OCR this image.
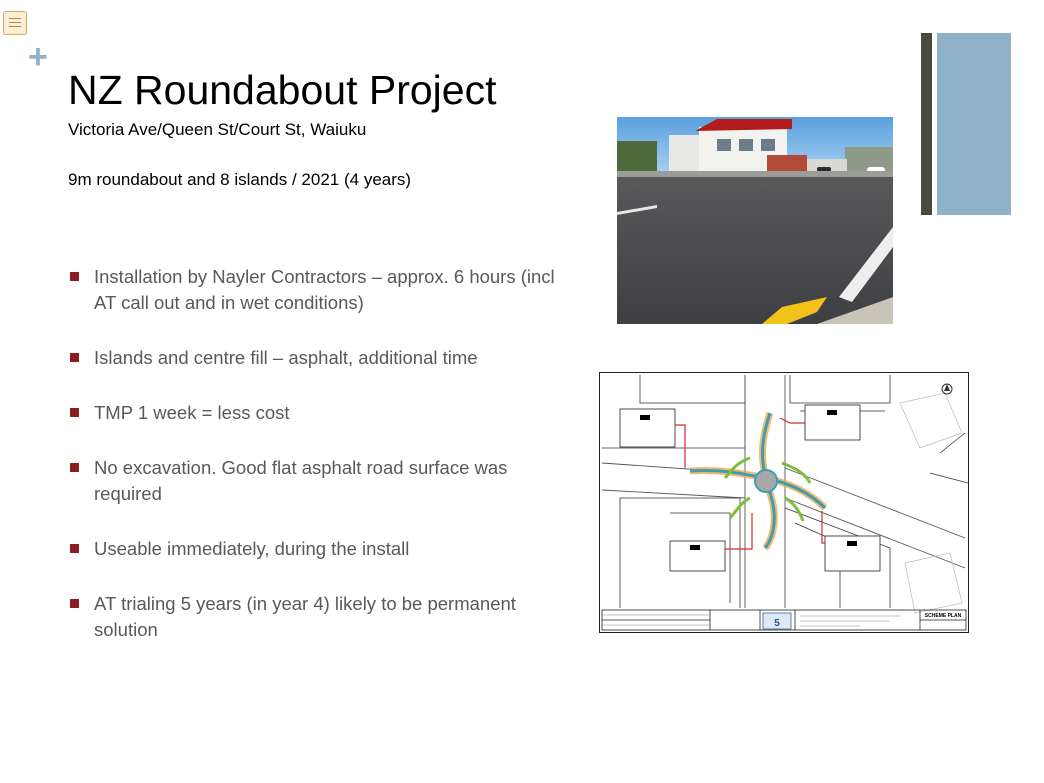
+
NZ Roundabout Project
Victoria Ave/Queen St/Court St, Waiuku
9m roundabout and 8 islands / 2021 (4 years)
Installation by Nayler Contractors – approx. 6 hours (incl AT call out and in wet conditions)
Islands and centre fill – asphalt, additional time
TMP 1 week = less cost
No excavation. Good flat asphalt road surface was required
Useable immediately, during the install
AT trialing 5 years (in year 4) likely to be permanent solution	5
SCHEME PLAN
